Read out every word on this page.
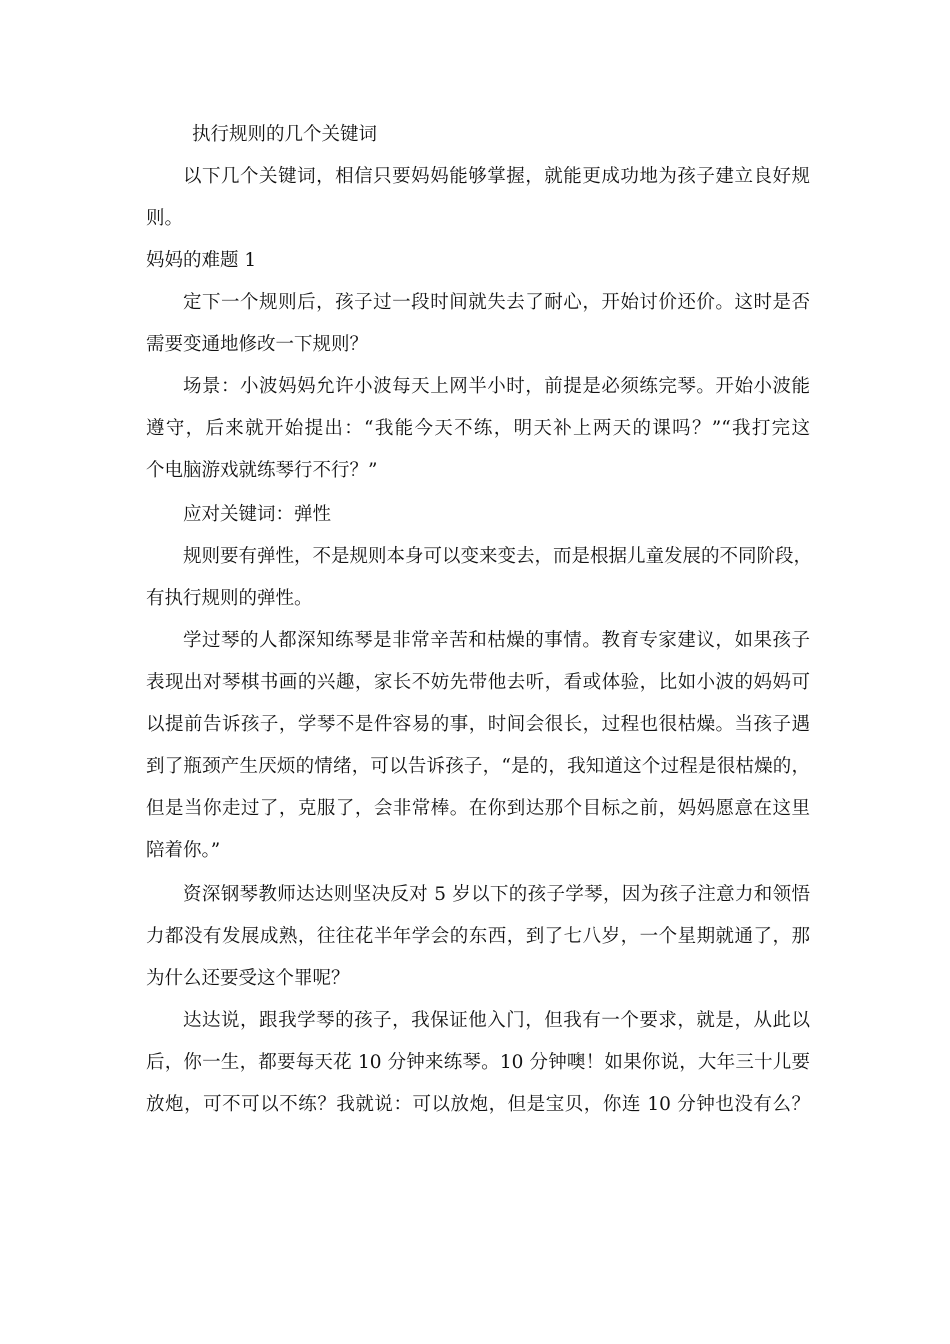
执行规则的几个关键词
以下几个关键词，相信只要妈妈能够掌握，就能更成功地为孩子建立良好规
则。
妈妈的难题 1
定下一个规则后，孩子过一段时间就失去了耐心，开始讨价还价。这时是否
需要变通地修改一下规则？
场景：小波妈妈允许小波每天上网半小时，前提是必须练完琴。开始小波能
遵守，后来就开始提出：“我能今天不练，明天补上两天的课吗？”“我打完这
个电脑游戏就练琴行不行？”
应对关键词：弹性
规则要有弹性，不是规则本身可以变来变去，而是根据儿童发展的不同阶段，
有执行规则的弹性。
学过琴的人都深知练琴是非常辛苦和枯燥的事情。教育专家建议，如果孩子
表现出对琴棋书画的兴趣，家长不妨先带他去听，看或体验，比如小波的妈妈可
以提前告诉孩子，学琴不是件容易的事，时间会很长，过程也很枯燥。当孩子遇
到了瓶颈产生厌烦的情绪，可以告诉孩子，“是的，我知道这个过程是很枯燥的，
但是当你走过了，克服了，会非常棒。在你到达那个目标之前，妈妈愿意在这里
陪着你。”
资深钢琴教师达达则坚决反对 5 岁以下的孩子学琴，因为孩子注意力和领悟
力都没有发展成熟，往往花半年学会的东西，到了七八岁，一个星期就通了，那
为什么还要受这个罪呢？
达达说，跟我学琴的孩子，我保证他入门，但我有一个要求，就是，从此以
后，你一生，都要每天花 10 分钟来练琴。10 分钟噢！如果你说，大年三十儿要
放炮，可不可以不练？我就说：可以放炮，但是宝贝，你连 10 分钟也没有么？
